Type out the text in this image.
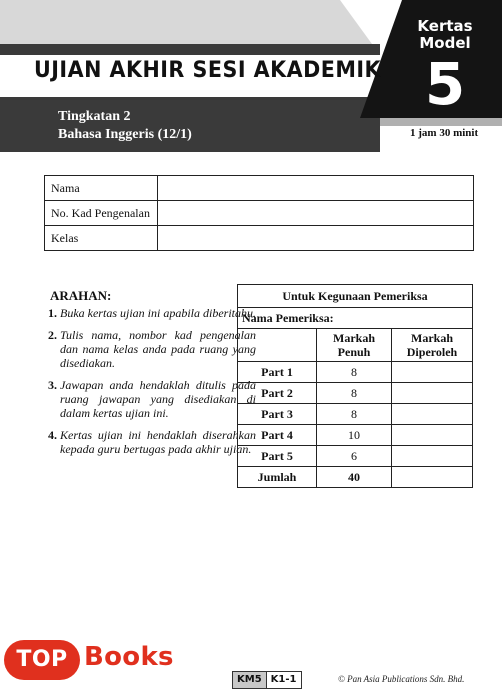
UJIAN AKHIR SESI AKADEMIK
Kertas
Model
5
Tingkatan 2
Bahasa Inggeris (12/1)	1 jam 30 minit
Nama	
No. Kad Pengenalan	
Kelas	
ARAHAN:
1. Buka kertas ujian ini apabila diberitahu.
2. Tulis nama, nombor kad pengenalan dan nama kelas anda pada ruang yang disediakan.
3. Jawapan anda hendaklah ditulis pada ruang jawapan yang disediakan di dalam kertas ujian ini.
4. Kertas ujian ini hendaklah diserahkan kepada guru bertugas pada akhir ujian.
Untuk Kegunaan Pemeriksa		
Nama Pemeriksa:		
	Markah Penuh	Markah Diperoleh
Part 1	8	
Part 2	8	
Part 3	8	
Part 4	10	
Part 5	6	
Jumlah	40	
TOP Books
KM5 K1-1	© Pan Asia Publications Sdn. Bhd.
